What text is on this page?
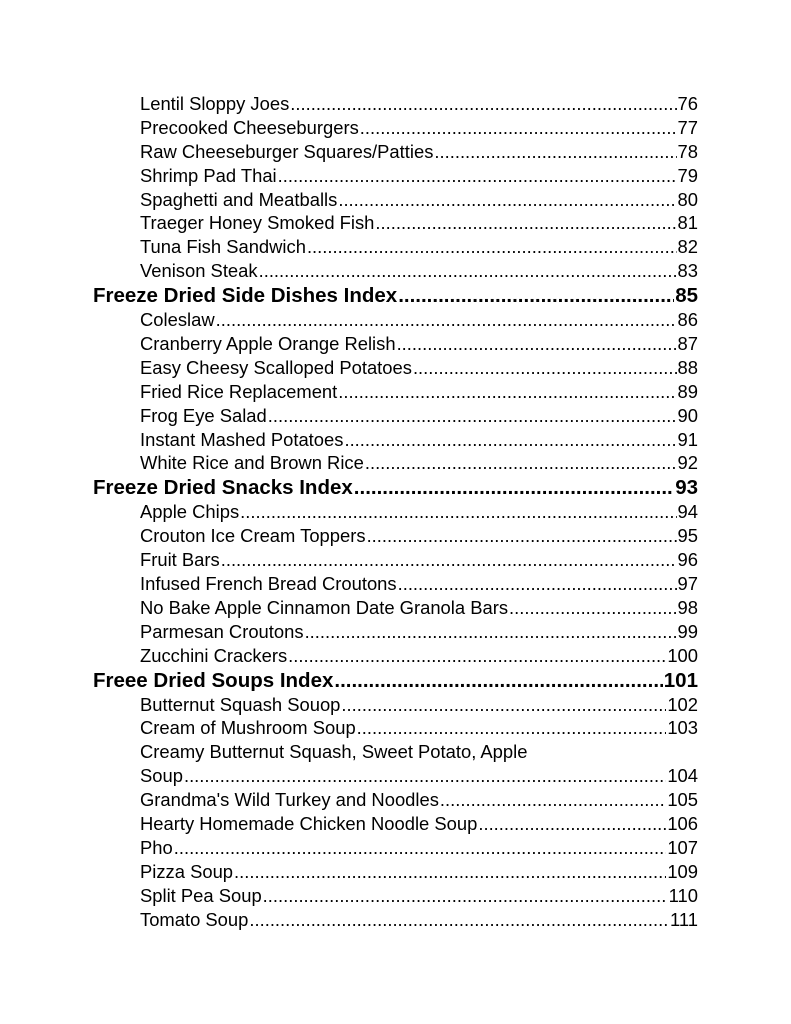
Lentil Sloppy Joes .....	76
Precooked Cheeseburgers .....	77
Raw Cheeseburger Squares/Patties .....	78
Shrimp Pad Thai .....	79
Spaghetti and Meatballs .....	80
Traeger Honey Smoked Fish .....	81
Tuna Fish Sandwich .....	82
Venison Steak .....	83
Freeze Dried Side Dishes Index .....	85
Coleslaw .....	86
Cranberry Apple Orange Relish .....	87
Easy Cheesy Scalloped Potatoes .....	88
Fried Rice Replacement .....	89
Frog Eye Salad .....	90
Instant Mashed Potatoes .....	91
White Rice and Brown Rice .....	92
Freeze Dried Snacks Index .....	93
Apple Chips .....	94
Crouton Ice Cream Toppers .....	95
Fruit Bars .....	96
Infused French Bread Croutons .....	97
No Bake Apple Cinnamon Date Granola Bars .....	98
Parmesan Croutons .....	99
Zucchini Crackers .....	100
Freee Dried Soups Index .....	101
Butternut Squash Souop .....	102
Cream of Mushroom Soup .....	103
Creamy Butternut Squash, Sweet Potato, Apple
Soup .....	104
Grandma's Wild Turkey and Noodles .....	105
Hearty Homemade Chicken Noodle Soup .....	106
Pho .....	107
Pizza Soup .....	109
Split Pea Soup .....	110
Tomato Soup .....	111
